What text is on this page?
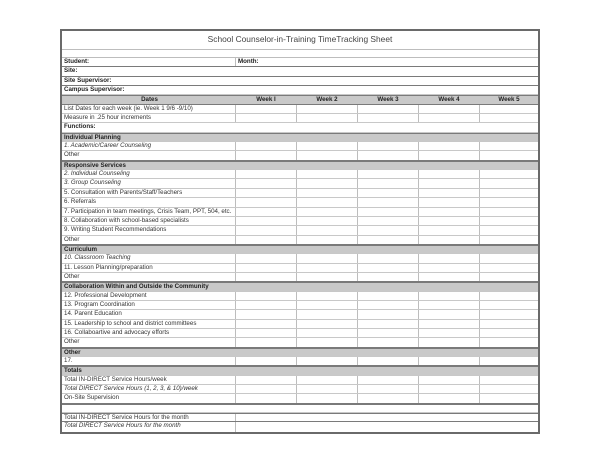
School Counselor-in-Training TimeTracking Sheet
Student:	Month:
Site:
Site Supervisor:
Campus Supervisor:
Dates	Week I	Week 2	Week 3	Week 4	Week 5
List Dates for each week (ie. Week 1 9/6 -9/10)
Measure in .25 hour increments
Functions:
Individual Planning
1. Academic/Career Counseling
Other
Responsive Services
2. Individual Counseling
3. Group Counseling
5. Consultation with Parents/Staff/Teachers
6. Referrals
7. Participation in team meetings, Crisis Team, PPT, 504, etc.
8. Collaboration with school-based specialists
9. Writing Student Recommendations
Other
Curriculum
10. Classroom Teaching
11. Lesson Planning/preparation
Other
Collaboration Within and Outside the Community
12. Professional Development
13. Program Coordination
14. Parent Education
15. Leadership to school and district committees
16. Collaboartive and advocacy efforts
Other
Other
17.
Totals
Total IN-DIRECT Service Hours/week
Total DIRECT Service Hours (1, 2, 3, & 10)/week
On-Site Supervision
Total IN-DIRECT Service Hours for the month
Total DIRECT Service Hours for the month
